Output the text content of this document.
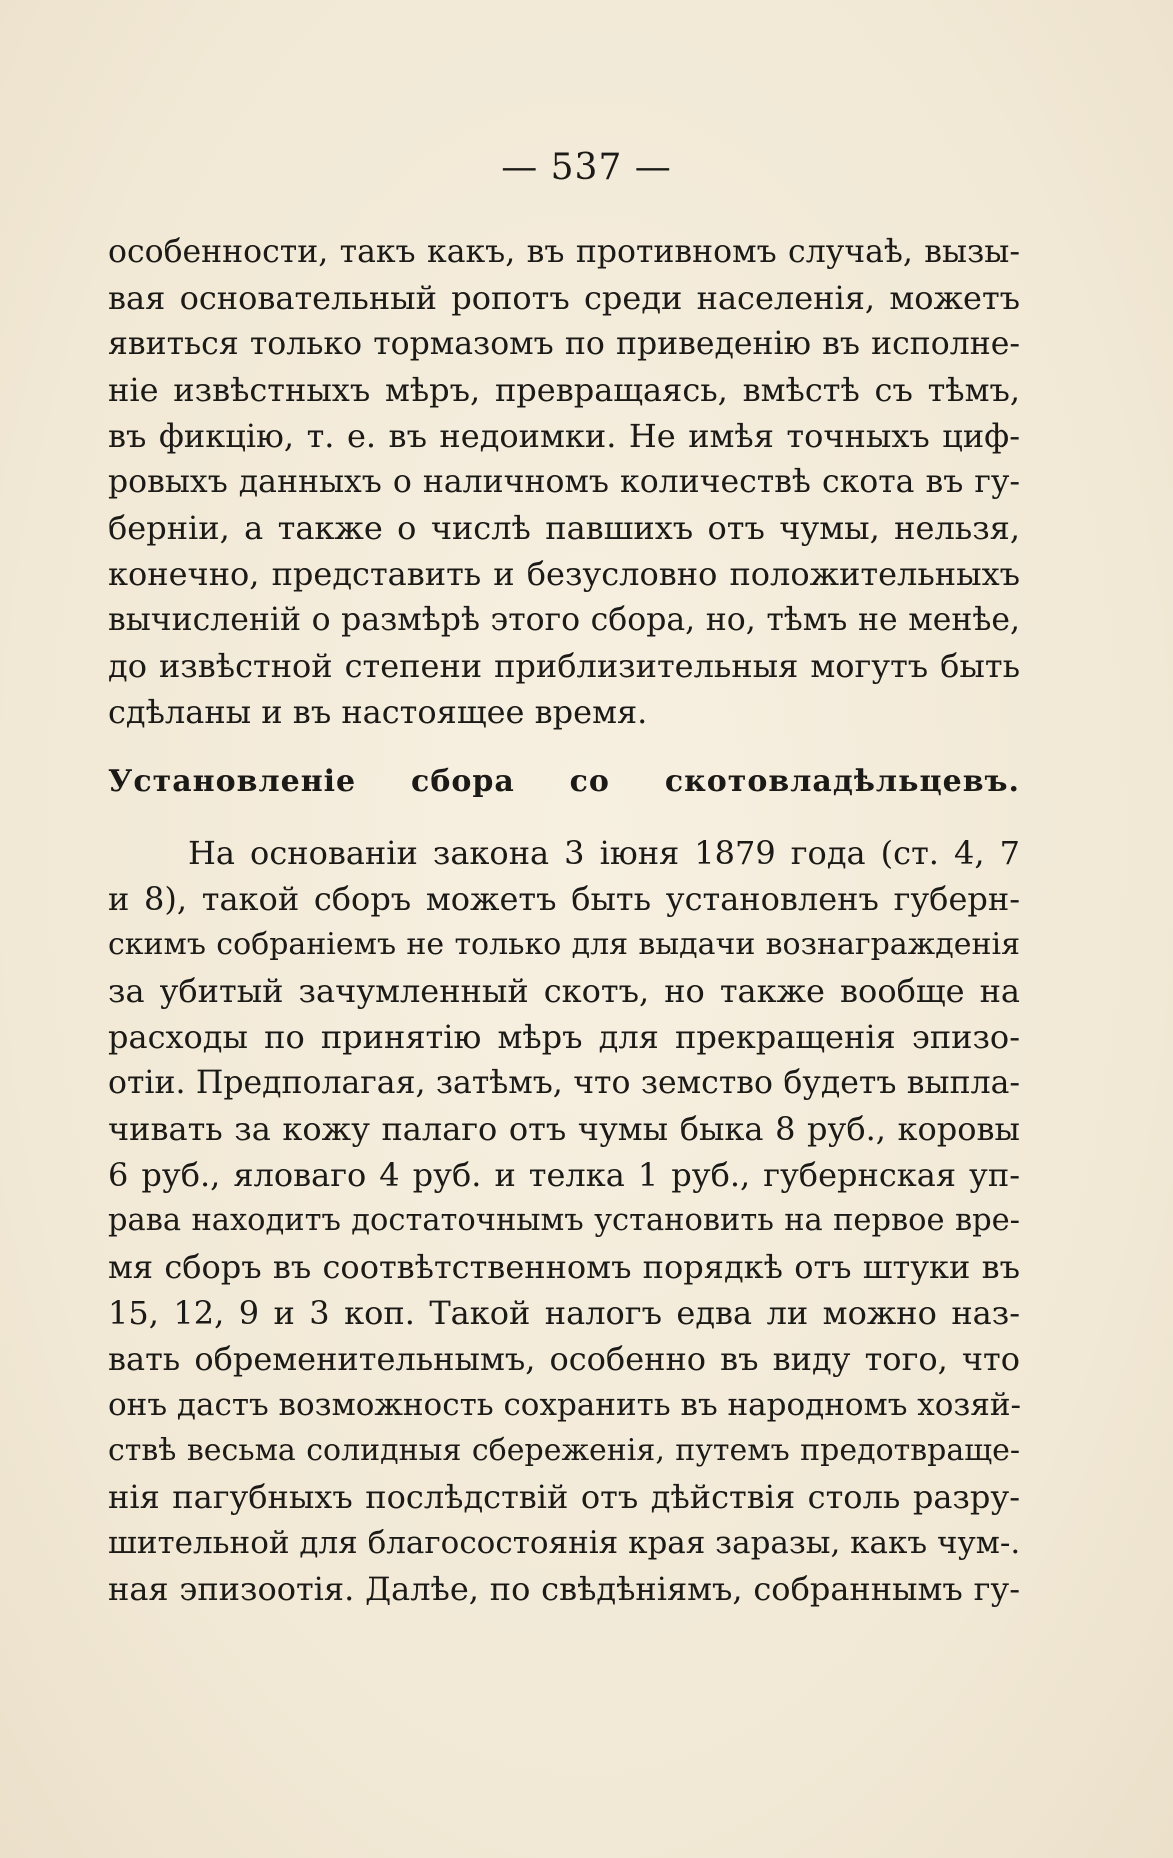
— 537 —
особенности, такъ какъ, въ противномъ случаѣ, вызы-
вая основательный ропотъ среди населенія, можетъ
явиться только тормазомъ по приведенію въ исполне-
ніе извѣстныхъ мѣръ, превращаясь, вмѣстѣ съ тѣмъ,
въ фикцію, т. е. въ недоимки. Не имѣя точныхъ циф-
ровыхъ данныхъ о наличномъ количествѣ скота въ гу-
берніи, а также о числѣ павшихъ отъ чумы, нельзя,
конечно, представить и безусловно положительныхъ
вычисленій о размѣрѣ этого сбора, но, тѣмъ не менѣе,
до извѣстной степени приблизительныя могутъ быть
сдѣланы и въ настоящее время.
Установленіе сбора со скотовладѣльцевъ.
На основаніи закона 3 іюня 1879 года (ст. 4, 7
и 8), такой сборъ можетъ быть установленъ губерн-
скимъ собраніемъ не только для выдачи вознагражденія
за убитый зачумленный скотъ, но также вообще на
расходы по принятію мѣръ для прекращенія эпизо-
отіи. Предполагая, затѣмъ, что земство будетъ выпла-
чивать за кожу палаго отъ чумы быка 8 руб., коровы
6 руб., яловаго 4 руб. и телка 1 руб., губернская уп-
рава находитъ достаточнымъ установить на первое вре-
мя сборъ въ соотвѣтственномъ порядкѣ отъ штуки въ
15, 12, 9 и 3 коп. Такой налогъ едва ли можно наз-
вать обременительнымъ, особенно въ виду того, что
онъ дастъ возможность сохранить въ народномъ хозяй-
ствѣ весьма солидныя сбереженія, путемъ предотвраще-
нія пагубныхъ послѣдствій отъ дѣйствія столь разру-
шительной для благосостоянія края заразы, какъ чум-.
ная эпизоотія. Далѣе, по свѣдѣніямъ, собраннымъ гу-
